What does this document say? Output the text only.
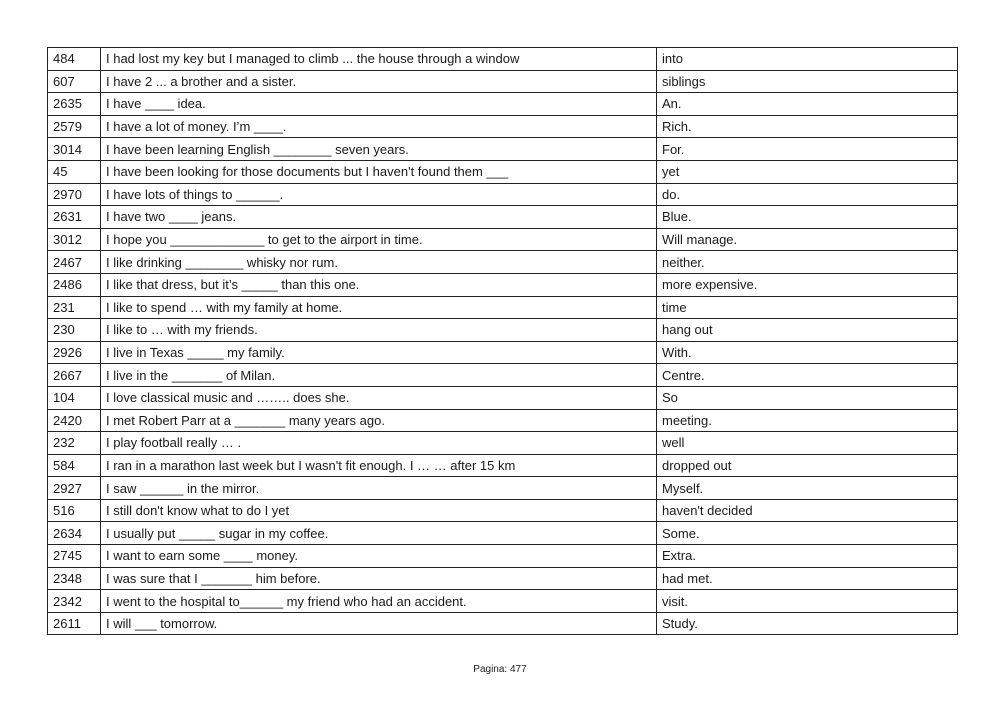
484	I had lost my key but I managed to climb ... the house through a window	into
607	I have 2 ... a brother and a sister.	siblings
2635	I have ____ idea.	An.
2579	I have a lot of money. I’m ____.	Rich.
3014	I have been learning English ________ seven years.	For.
45	I have been looking for those documents but I haven't found them ___	yet
2970	I have lots of things to ______.	do.
2631	I have two ____ jeans.	Blue.
3012	I hope you _____________ to get to the airport in time.	Will manage.
2467	I like drinking ________ whisky nor rum.	neither.
2486	I like that dress, but it’s _____ than this one.	more expensive.
231	I like to spend … with my family at home.	time
230	I like to … with my friends.	hang out
2926	I live in Texas _____ my family.	With.
2667	I live in the _______ of Milan.	Centre.
104	I love classical music and …….. does she.	So
2420	I met Robert Parr at a _______ many years ago.	meeting.
232	I play football really … .	well
584	I ran in a marathon last week but I wasn't fit enough. I … … after 15 km	dropped out
2927	I saw ______ in the mirror.	Myself.
516	I still don't know what to do I yet	haven't decided
2634	I usually put _____ sugar in my coffee.	Some.
2745	I want to earn some ____ money.	Extra.
2348	I was sure that I _______ him before.	had met.
2342	I went to the hospital to______ my friend who had an accident.	visit.
2611	I will ___ tomorrow.	Study.
Pagina: 477
